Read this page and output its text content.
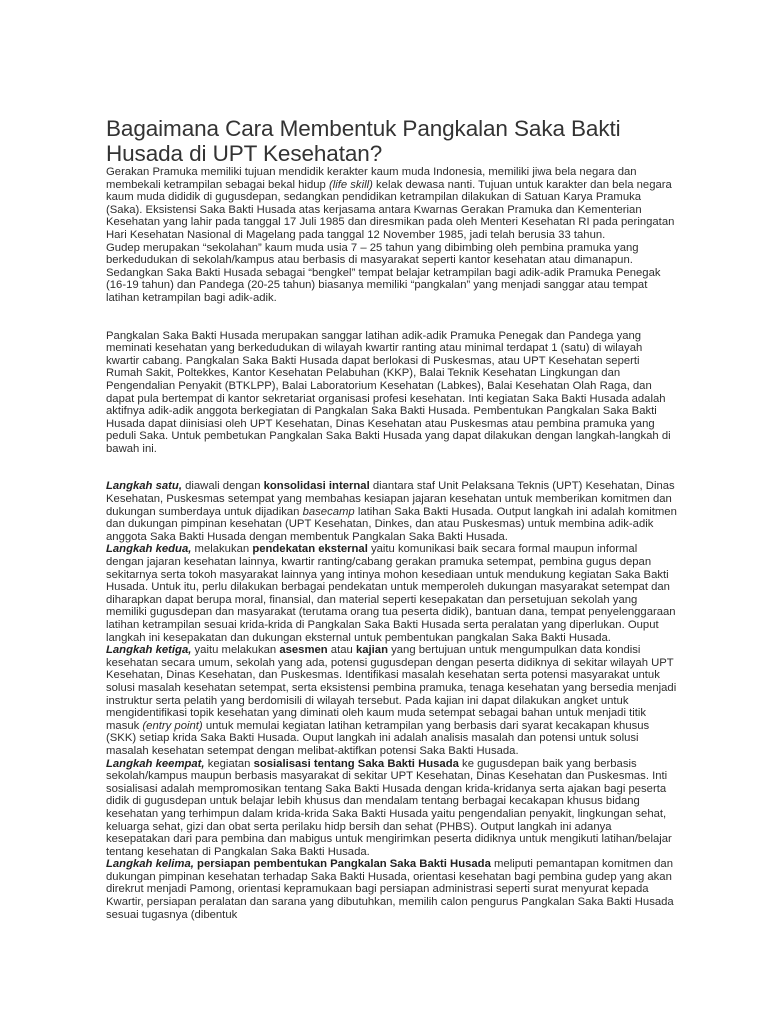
Bagaimana Cara Membentuk Pangkalan Saka Bakti Husada di UPT Kesehatan?

Gerakan Pramuka memiliki tujuan mendidik kerakter kaum muda Indonesia, memiliki jiwa bela negara dan membekali ketrampilan sebagai bekal hidup (life skill) kelak dewasa nanti. Tujuan untuk karakter dan bela negara kaum muda dididik di gugusdepan, sedangkan pendidikan ketrampilan dilakukan di Satuan Karya Pramuka (Saka). Eksistensi Saka Bakti Husada atas kerjasama antara Kwarnas Gerakan Pramuka dan Kementerian Kesehatan yang lahir pada tanggal 17 Juli 1985 dan diresmikan pada oleh Menteri Kesehatan RI pada peringatan Hari Kesehatan Nasional di Magelang pada tanggal 12 November 1985, jadi telah berusia 33 tahun.

Gudep merupakan “sekolahan” kaum muda usia 7 – 25 tahun yang dibimbing oleh pembina pramuka yang berkedudukan di sekolah/kampus atau berbasis di masyarakat seperti kantor kesehatan atau dimanapun. Sedangkan Saka Bakti Husada sebagai “bengkel” tempat belajar ketrampilan bagi adik-adik Pramuka Penegak (16-19 tahun) dan Pandega (20-25 tahun) biasanya memiliki “pangkalan” yang menjadi sanggar atau tempat latihan ketrampilan bagi adik-adik.

Pangkalan Saka Bakti Husada merupakan sanggar latihan adik-adik Pramuka Penegak dan Pandega yang meminati kesehatan yang berkedudukan di wilayah kwartir ranting atau minimal terdapat 1 (satu) di wilayah kwartir cabang. Pangkalan Saka Bakti Husada dapat berlokasi di Puskesmas, atau UPT Kesehatan seperti Rumah Sakit, Poltekkes, Kantor Kesehatan Pelabuhan (KKP), Balai Teknik Kesehatan Lingkungan dan Pengendalian Penyakit (BTKLPP), Balai Laboratorium Kesehatan (Labkes), Balai Kesehatan Olah Raga, dan dapat pula bertempat di kantor sekretariat organisasi profesi kesehatan. Inti kegiatan Saka Bakti Husada adalah aktifnya adik-adik anggota berkegiatan di Pangkalan Saka Bakti Husada. Pembentukan Pangkalan Saka Bakti Husada dapat diinisiasi oleh UPT Kesehatan, Dinas Kesehatan atau Puskesmas atau pembina pramuka yang peduli Saka. Untuk pembetukan Pangkalan Saka Bakti Husada yang dapat dilakukan dengan langkah-langkah di bawah ini.

Langkah satu, diawali dengan konsolidasi internal diantara staf Unit Pelaksana Teknis (UPT) Kesehatan, Dinas Kesehatan, Puskesmas setempat yang membahas kesiapan jajaran kesehatan untuk memberikan komitmen dan dukungan sumberdaya untuk dijadikan basecamp latihan Saka Bakti Husada. Output langkah ini adalah komitmen dan dukungan pimpinan kesehatan (UPT Kesehatan, Dinkes, dan atau Puskesmas) untuk membina adik-adik anggota Saka Bakti Husada dengan membentuk Pangkalan Saka Bakti Husada.

Langkah kedua, melakukan pendekatan eksternal yaitu komunikasi baik secara formal maupun informal dengan jajaran kesehatan lainnya, kwartir ranting/cabang gerakan pramuka setempat, pembina gugus depan sekitarnya serta tokoh masyarakat lainnya yang intinya mohon kesediaan untuk mendukung kegiatan Saka Bakti Husada. Untuk itu, perlu dilakukan berbagai pendekatan untuk memperoleh dukungan masyarakat setempat dan diharapkan dapat berupa moral, finansial, dan material seperti kesepakatan dan persetujuan sekolah yang memiliki gugusdepan dan masyarakat (terutama orang tua peserta didik), bantuan dana, tempat penyelenggaraan latihan ketrampilan sesuai krida-krida di Pangkalan Saka Bakti Husada serta peralatan yang diperlukan. Ouput langkah ini kesepakatan dan dukungan eksternal untuk pembentukan pangkalan Saka Bakti Husada.

Langkah ketiga, yaitu melakukan asesmen atau kajian yang bertujuan untuk mengumpulkan data kondisi kesehatan secara umum, sekolah yang ada, potensi gugusdepan dengan peserta didiknya di sekitar wilayah UPT Kesehatan, Dinas Kesehatan, dan Puskesmas. Identifikasi masalah kesehatan serta potensi masyarakat untuk solusi masalah kesehatan setempat, serta eksistensi pembina pramuka, tenaga kesehatan yang bersedia menjadi instruktur serta pelatih yang berdomisili di wilayah tersebut. Pada kajian ini dapat dilakukan angket untuk mengidentifikasi topik kesehatan yang diminati oleh kaum muda setempat sebagai bahan untuk menjadi titik masuk (entry point) untuk memulai kegiatan latihan ketrampilan yang berbasis dari syarat kecakapan khusus (SKK) setiap krida Saka Bakti Husada. Ouput langkah ini adalah analisis masalah dan potensi untuk solusi masalah kesehatan setempat dengan melibat-aktifkan potensi Saka Bakti Husada.

Langkah keempat, kegiatan sosialisasi tentang Saka Bakti Husada ke gugusdepan baik yang berbasis sekolah/kampus maupun berbasis masyarakat di sekitar UPT Kesehatan, Dinas Kesehatan dan Puskesmas. Inti sosialisasi adalah mempromosikan tentang Saka Bakti Husada dengan krida-kridanya serta ajakan bagi peserta didik di gugusdepan untuk belajar lebih khusus dan mendalam tentang berbagai kecakapan khusus bidang kesehatan yang terhimpun dalam krida-krida Saka Bakti Husada yaitu pengendalian penyakit, lingkungan sehat, keluarga sehat, gizi dan obat serta perilaku hidp bersih dan sehat (PHBS). Output langkah ini adanya kesepatakan dari para pembina dan mabigus untuk mengirimkan peserta didiknya untuk mengikuti latihan/belajar tentang kesehatan di Pangkalan Saka Bakti Husada.

Langkah kelima, persiapan pembentukan Pangkalan Saka Bakti Husada meliputi pemantapan komitmen dan dukungan pimpinan kesehatan terhadap Saka Bakti Husada, orientasi kesehatan bagi pembina gudep yang akan direkrut menjadi Pamong, orientasi kepramukaan bagi persiapan administrasi seperti surat menyurat kepada Kwartir, persiapan peralatan dan sarana yang dibutuhkan, memilih calon pengurus Pangkalan Saka Bakti Husada sesuai tugasnya (dibentuk
